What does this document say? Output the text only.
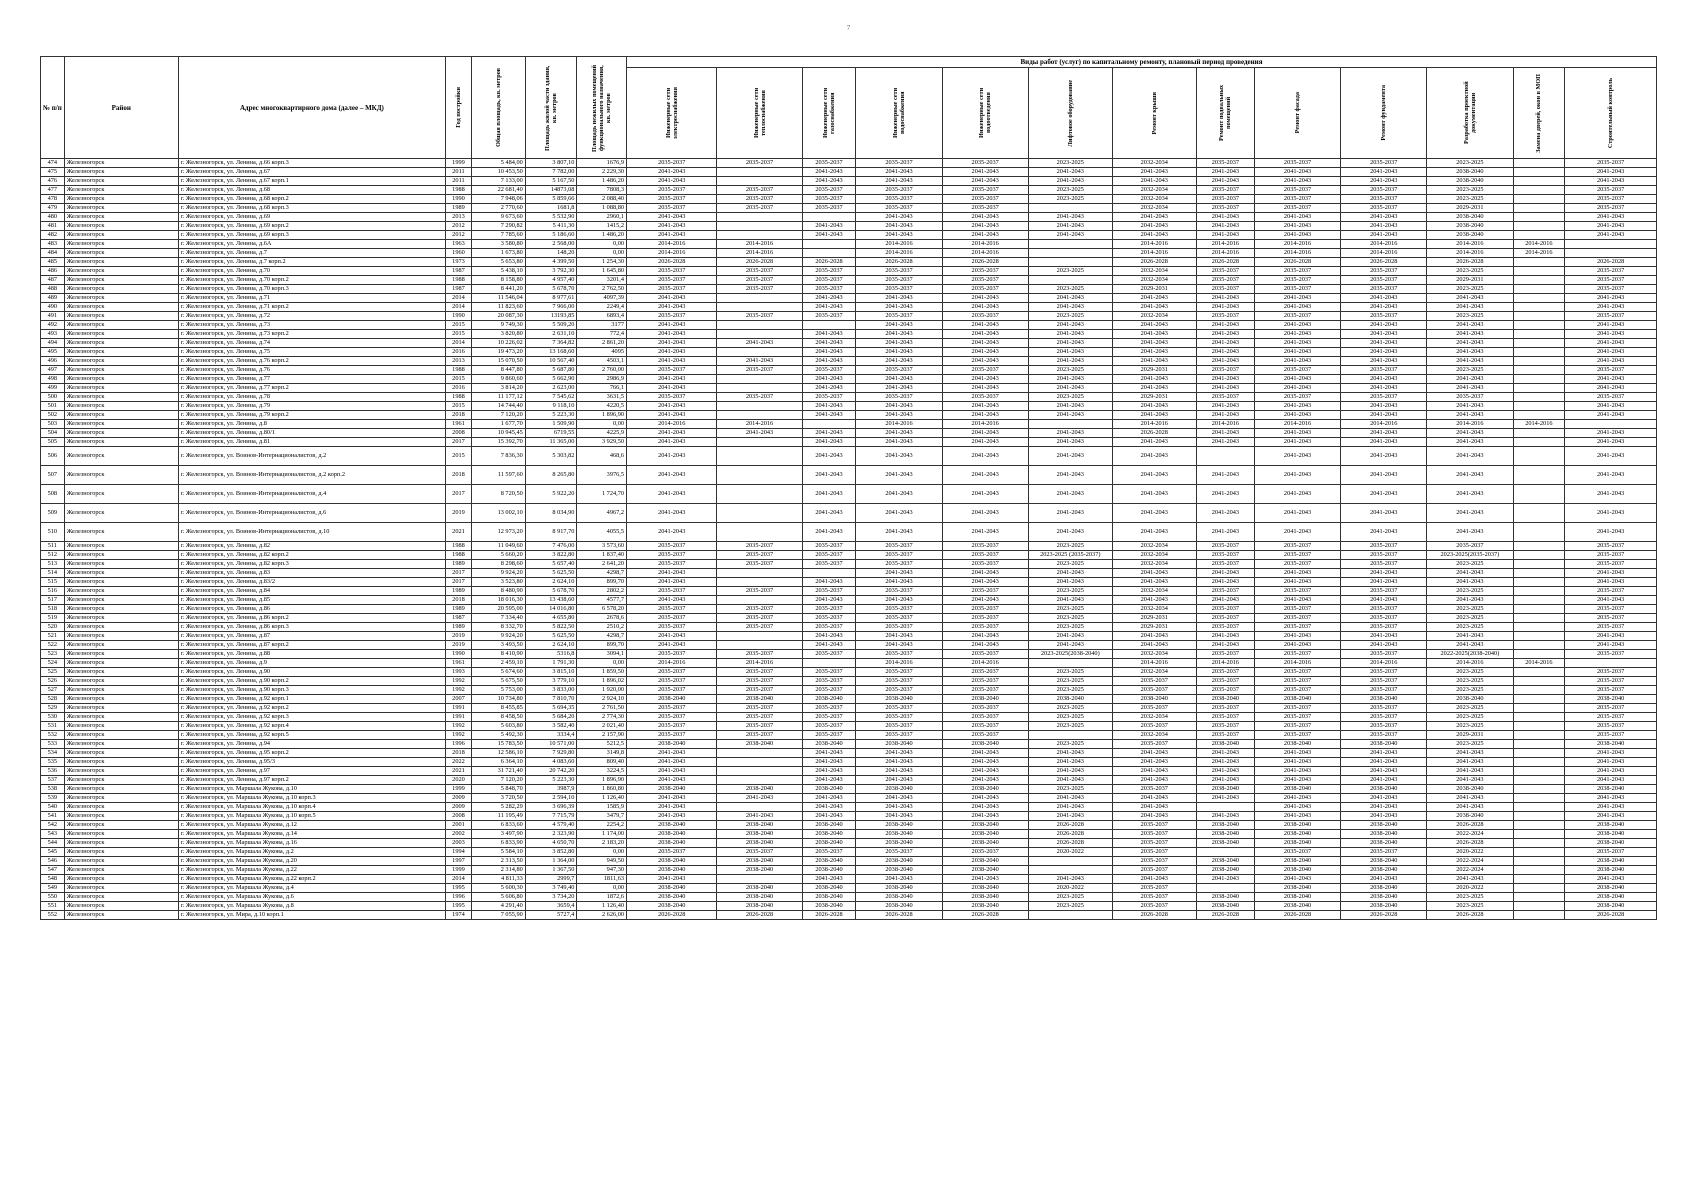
7
№ п/п	Район	Адрес многоквартирного дома (далее – МКД)	Год постройки	Общая площадь, кв. метров	Площадь жилой части здания, кв. метров	Площадь нежилых помещений функционального назначения, кв. метров	Виды работ (услуг) по капитальному ремонту, плановый период проведения												

							Инженерные сети электроснабжения	Инженерные сети теплоснабжения	Инженерные сети газоснабжения	Инженерные сети водоснабжения	Инженерные сети водоотведения	Лифтовое оборудование	Ремонт крыши	Ремонт подвальных помещений	Ремонт фасада	Ремонт фундамента	Разработка проектной документации	Замена дверей, окон в МОП	Строительный контроль

474	Железногорск	г. Железногорск, ул. Ленина, д.66 корп.3	1999	5 484,00	3 807,10	1676,9	2035-2037	2035-2037	2035-2037	2035-2037	2035-2037	2023-2025	2032-2034	2035-2037	2035-2037	2035-2037	2023-2025		2035-2037
475	Железногорск	г. Железногорск, ул. Ленина, д.67	2011	10 453,50	7 782,00	2 229,30	2041-2043		2041-2043	2041-2043	2041-2043	2041-2043	2041-2043	2041-2043	2041-2043	2041-2043	2038-2040		2041-2043
476	Железногорск	г. Железногорск, ул. Ленина, д.67 корп.1	2011	7 133,00	5 167,50	1 486,20	2041-2043		2041-2043	2041-2043	2041-2043	2041-2043	2041-2043	2041-2043	2041-2043	2041-2043	2038-2040		2041-2043
477	Железногорск	г. Железногорск, ул. Ленина, д.68	1988	22 681,40	14873,08	7808,3	2035-2037	2035-2037	2035-2037	2035-2037	2035-2037	2023-2025	2032-2034	2035-2037	2035-2037	2035-2037	2023-2025		2035-2037
478	Железногорск	г. Железногорск, ул. Ленина, д.68 корп.2	1990	7 948,06	5 859,66	2 088,40	2035-2037	2035-2037	2035-2037	2035-2037	2035-2037	2023-2025	2032-2034	2035-2037	2035-2037	2035-2037	2023-2025		2035-2037
479	Железногорск	г. Железногорск, ул. Ленина, д.68 корп.3	1989	2 770,60	1681,8	1 088,80	2035-2037	2035-2037	2035-2037	2035-2037	2035-2037		2032-2034	2035-2037	2035-2037	2035-2037	2029-2031		2035-2037
480	Железногорск	г. Железногорск, ул. Ленина, д.69	2013	9 673,60	5 532,90	2960,1	2041-2043			2041-2043	2041-2043	2041-2043	2041-2043	2041-2043	2041-2043	2041-2043	2038-2040		2041-2043
481	Железногорск	г. Железногорск, ул. Ленина, д.69 корп.2	2012	7 290,82	5 411,30	1415,2	2041-2043		2041-2043	2041-2043	2041-2043	2041-2043	2041-2043	2041-2043	2041-2043	2041-2043	2038-2040		2041-2043
482	Железногорск	г. Железногорск, ул. Ленина, д.69 корп.3	2012	7 785,60	5 186,60	1 486,20	2041-2043		2041-2043	2041-2043	2041-2043	2041-2043	2041-2043	2041-2043	2041-2043	2041-2043	2038-2040		2041-2043
483	Железногорск	г. Железногорск, ул. Ленина, д.6А	1963	3 580,80	2 568,00	0,00	2014-2016	2014-2016		2014-2016	2014-2016		2014-2016	2014-2016	2014-2016	2014-2016	2014-2016	2014-2016	
484	Железногорск	г. Железногорск, ул. Ленина, д.7	1960	1 673,80	148,20	0,00	2014-2016	2014-2016		2014-2016	2014-2016		2014-2016	2014-2016	2014-2016	2014-2016	2014-2016	2014-2016	
485	Железногорск	г. Железногорск, ул. Ленина, д.7 корп.2	1973	5 653,80	4 399,50	1 254,30	2026-2028	2026-2028	2026-2028	2026-2028	2026-2028		2026-2028	2026-2028	2026-2028	2026-2028	2026-2028		2026-2028
486	Железногорск	г. Железногорск, ул. Ленина, д.70	1987	5 438,10	3 792,30	1 645,80	2035-2037	2035-2037	2035-2037	2035-2037	2035-2037	2023-2025	2032-2034	2035-2037	2035-2037	2035-2037	2023-2025		2035-2037
487	Железногорск	г. Железногорск, ул. Ленина, д.70 корп.2	1988	8 158,80	4 957,40	3201,4	2035-2037	2035-2037	2035-2037	2035-2037	2035-2037		2032-2034	2035-2037	2035-2037	2035-2037	2029-2031		2035-2037
488	Железногорск	г. Железногорск, ул. Ленина, д.70 корп.3	1987	8 441,20	5 678,70	2 762,50	2035-2037	2035-2037	2035-2037	2035-2037	2035-2037	2023-2025	2029-2031	2035-2037	2035-2037	2035-2037	2023-2025		2035-2037
489	Железногорск	г. Железногорск, ул. Ленина, д.71	2014	11 546,04	8 977,61	4097,39	2041-2043		2041-2043	2041-2043	2041-2043	2041-2043	2041-2043	2041-2043	2041-2043	2041-2043	2041-2043		2041-2043
490	Железногорск	г. Железногорск, ул. Ленина, д.71 корп.2	2014	11 823,60	7 966,00	2249,4	2041-2043		2041-2043	2041-2043	2041-2043	2041-2043	2041-2043	2041-2043	2041-2043	2041-2043	2041-2043		2041-2043
491	Железногорск	г. Железногорск, ул. Ленина, д.72	1990	20 087,30	13193,85	6893,4	2035-2037	2035-2037	2035-2037	2035-2037	2035-2037	2023-2025	2032-2034	2035-2037	2035-2037	2035-2037	2023-2025		2035-2037
492	Железногорск	г. Железногорск, ул. Ленина, д.73	2015	9 749,30	5 509,20	3177	2041-2043			2041-2043	2041-2043	2041-2043	2041-2043	2041-2043	2041-2043	2041-2043	2041-2043		2041-2043
493	Железногорск	г. Железногорск, ул. Ленина, д.73 корп.2	2015	3 820,80	2 631,10	772,4	2041-2043		2041-2043	2041-2043	2041-2043	2041-2043	2041-2043	2041-2043	2041-2043	2041-2043	2041-2043		2041-2043
494	Железногорск	г. Железногорск, ул. Ленина, д.74	2014	10 226,02	7 364,82	2 861,20	2041-2043	2041-2043	2041-2043	2041-2043	2041-2043	2041-2043	2041-2043	2041-2043	2041-2043	2041-2043	2041-2043		2041-2043
495	Железногорск	г. Железногорск, ул. Ленина, д.75	2016	19 473,20	13 168,60	4095	2041-2043		2041-2043	2041-2043	2041-2043	2041-2043	2041-2043	2041-2043	2041-2043	2041-2043	2041-2043		2041-2043
496	Железногорск	г. Железногорск, ул. Ленина, д.76 корп.2	2013	15 070,50	10 567,40	4503,1	2041-2043	2041-2043	2041-2043	2041-2043	2041-2043	2041-2043	2041-2043	2041-2043	2041-2043	2041-2043	2041-2043		2041-2043
497	Железногорск	г. Железногорск, ул. Ленина, д.76	1988	8 447,80	5 687,80	2 760,00	2035-2037	2035-2037	2035-2037	2035-2037	2035-2037	2023-2025	2029-2031	2035-2037	2035-2037	2035-2037	2023-2025		2035-2037
498	Железногорск	г. Железногорск, ул. Ленина, д.77	2015	9 860,60	5 662,90	2986,9	2041-2043		2041-2043	2041-2043	2041-2043	2041-2043	2041-2043	2041-2043	2041-2043	2041-2043	2041-2043		2041-2043
499	Железногорск	г. Железногорск, ул. Ленина, д.77 корп.2	2016	3 814,20	2 623,00	766,1	2041-2043		2041-2043	2041-2043	2041-2043	2041-2043	2041-2043	2041-2043	2041-2043	2041-2043	2041-2043		2041-2043
500	Железногорск	г. Железногорск, ул. Ленина, д.78	1988	11 177,12	7 545,62	3631,5	2035-2037	2035-2037	2035-2037	2035-2037	2035-2037	2023-2025	2029-2031	2035-2037	2035-2037	2035-2037	2035-2037		2035-2037
501	Железногорск	г. Железногорск, ул. Ленина, д.79	2015	14 744,40	9 118,10	4220,5	2041-2043		2041-2043	2041-2043	2041-2043	2041-2043	2041-2043	2041-2043	2041-2043	2041-2043	2041-2043		2041-2043
502	Железногорск	г. Железногорск, ул. Ленина, д.79 корп.2	2018	7 120,20	5 223,30	1 896,90	2041-2043		2041-2043	2041-2043	2041-2043	2041-2043	2041-2043	2041-2043	2041-2043	2041-2043	2041-2043		2041-2043
503	Железногорск	г. Железногорск, ул. Ленина, д.8	1961	1 677,70	1 509,90	0,00	2014-2016	2014-2016		2014-2016	2014-2016		2014-2016	2014-2016	2014-2016	2014-2016	2014-2016	2014-2016	
504	Железногорск	г. Железногорск, ул. Ленина, д.80/1	2008	10 945,45	6719,55	4225,9	2041-2043	2041-2043	2041-2043	2041-2043	2041-2043	2041-2043	2026-2028	2041-2043	2041-2043	2041-2043	2041-2043		2041-2043
505	Железногорск	г. Железногорск, ул. Ленина, д.81	2017	15 392,70	11 365,00	3 929,50	2041-2043		2041-2043	2041-2043	2041-2043	2041-2043	2041-2043	2041-2043	2041-2043	2041-2043	2041-2043		2041-2043
506	Железногорск	г. Железногорск, ул. Воинов-Интернационалистов, д.2	2015	7 836,30	5 303,82	468,6	2041-2043		2041-2043	2041-2043	2041-2043	2041-2043	2041-2043		2041-2043	2041-2043	2041-2043		2041-2043
507	Железногорск	г. Железногорск, ул. Воинов-Интернационалистов, д.2 корп.2	2018	11 597,60	8 265,80	3976,5	2041-2043		2041-2043	2041-2043	2041-2043	2041-2043	2041-2043	2041-2043	2041-2043	2041-2043	2041-2043		2041-2043
508	Железногорск	г. Железногорск, ул. Воинов-Интернационалистов, д.4	2017	8 720,50	5 922,20	1 724,70	2041-2043		2041-2043	2041-2043	2041-2043	2041-2043	2041-2043	2041-2043	2041-2043	2041-2043	2041-2043		2041-2043
509	Железногорск	г. Железногорск, ул. Воинов-Интернационалистов, д.6	2019	13 002,10	8 034,90	4967,2	2041-2043		2041-2043	2041-2043	2041-2043	2041-2043	2041-2043	2041-2043	2041-2043	2041-2043	2041-2043		2041-2043
510	Железногорск	г. Железногорск, ул. Воинов-Интернационалистов, д.10	2021	12 973,20	8 917,70	4055,5	2041-2043		2041-2043	2041-2043	2041-2043	2041-2043	2041-2043	2041-2043	2041-2043	2041-2043	2041-2043		2041-2043
511	Железногорск	г. Железногорск, ул. Ленина, д.82	1988	11 049,60	7 476,00	3 573,60	2035-2037	2035-2037	2035-2037	2035-2037	2035-2037	2023-2025	2032-2034	2035-2037	2035-2037	2035-2037	2035-2037		2035-2037
512	Железногорск	г. Железногорск, ул. Ленина, д.82 корп.2	1988	5 660,20	3 822,80	1 837,40	2035-2037	2035-2037	2035-2037	2035-2037	2035-2037	2023-2025 (2035-2037)	2032-2034	2035-2037	2035-2037	2035-2037	2023-2025(2035-2037)		2035-2037
513	Железногорск	г. Железногорск, ул. Ленина, д.82 корп.3	1989	8 298,60	5 657,40	2 641,20	2035-2037	2035-2037	2035-2037	2035-2037	2035-2037	2023-2025	2032-2034	2035-2037	2035-2037	2035-2037	2023-2025		2035-2037
514	Железногорск	г. Железногорск, ул. Ленина, д.83	2017	9 924,20	5 625,50	4298,7	2041-2043			2041-2043	2041-2043	2041-2043	2041-2043	2041-2043	2041-2043	2041-2043	2041-2043		2041-2043
515	Железногорск	г. Железногорск, ул. Ленина, д.83/2	2017	3 523,80	2 624,10	899,70	2041-2043		2041-2043	2041-2043	2041-2043	2041-2043	2041-2043	2041-2043	2041-2043	2041-2043	2041-2043		2041-2043
516	Железногорск	г. Железногорск, ул. Ленина, д.84	1989	8 480,90	5 678,70	2802,2	2035-2037	2035-2037	2035-2037	2035-2037	2035-2037	2023-2025	2032-2034	2035-2037	2035-2037	2035-2037	2023-2025		2035-2037
517	Железногорск	г. Железногорск, ул. Ленина, д.85	2018	18 016,30	13 438,60	4577,7	2041-2043		2041-2043	2041-2043	2041-2043	2041-2043	2041-2043	2041-2043	2041-2043	2041-2043	2041-2043		2041-2043
518	Железногорск	г. Железногорск, ул. Ленина, д.86	1989	20 595,00	14 016,80	6 578,20	2035-2037	2035-2037	2035-2037	2035-2037	2035-2037	2023-2025	2032-2034	2035-2037	2035-2037	2035-2037	2023-2025		2035-2037
519	Железногорск	г. Железногорск, ул. Ленина, д.86 корп.2	1987	7 334,40	4 655,80	2678,6	2035-2037	2035-2037	2035-2037	2035-2037	2035-2037	2023-2025	2029-2031	2035-2037	2035-2037	2035-2037	2023-2025		2035-2037
520	Железногорск	г. Железногорск, ул. Ленина, д.86 корп.3	1989	8 332,70	5 822,50	2510,2	2035-2037	2035-2037	2035-2037	2035-2037	2035-2037	2023-2025	2029-2031	2035-2037	2035-2037	2035-2037	2023-2025		2035-2037
521	Железногорск	г. Железногорск, ул. Ленина, д.87	2019	9 924,20	5 625,50	4298,7	2041-2043		2041-2043	2041-2043	2041-2043	2041-2043	2041-2043	2041-2043	2041-2043	2041-2043	2041-2043		2041-2043
522	Железногорск	г. Железногорск, ул. Ленина, д.87 корп.2	2019	3 493,50	2 624,10	899,70	2041-2043		2041-2043	2041-2043	2041-2043	2041-2043	2041-2043	2041-2043	2041-2043	2041-2043	2041-2043		2041-2043
523	Железногорск	г. Железногорск, ул. Ленина, д.88	1990	8 410,90	5316,8	3094,1	2035-2037	2035-2037	2035-2037	2035-2037	2035-2037	2023-2025(2038-2040)	2032-2034	2035-2037	2035-2037	2035-2037	2022-2025(2038-2040)		2035-2037
524	Железногорск	г. Железногорск, ул. Ленина, д.9	1961	2 459,10	1 791,30	0,00	2014-2016	2014-2016		2014-2016	2014-2016		2014-2016	2014-2016	2014-2016	2014-2016	2014-2016	2014-2016	
525	Железногорск	г. Железногорск, ул. Ленина, д.90	1993	5 674,60	3 815,10	1 859,50	2035-2037	2035-2037	2035-2037	2035-2037	2035-2037	2023-2025	2032-2034	2035-2037	2035-2037	2035-2037	2023-2025		2035-2037
526	Железногорск	г. Железногорск, ул. Ленина, д.90 корп.2	1992	5 675,50	3 779,10	1 896,02	2035-2037	2035-2037	2035-2037	2035-2037	2035-2037	2023-2025	2035-2037	2035-2037	2035-2037	2035-2037	2023-2025		2035-2037
527	Железногорск	г. Железногорск, ул. Ленина, д.90 корп.3	1992	5 753,00	3 833,00	1 920,00	2035-2037	2035-2037	2035-2037	2035-2037	2035-2037	2023-2025	2035-2037	2035-2037	2035-2037	2035-2037	2023-2025		2035-2037
528	Железногорск	г. Железногорск, ул. Ленина, д.92 корп.1	2007	10 734,80	7 810,70	2 924,10	2038-2040	2038-2040	2038-2040	2038-2040	2038-2040	2038-2040	2038-2040	2038-2040	2038-2040	2038-2040	2038-2040		2038-2040
529	Железногорск	г. Железногорск, ул. Ленина, д.92 корп.2	1991	8 455,85	5 694,35	2 761,50	2035-2037	2035-2037	2035-2037	2035-2037	2035-2037	2023-2025	2035-2037	2035-2037	2035-2037	2035-2037	2023-2025		2035-2037
530	Железногорск	г. Железногорск, ул. Ленина, д.92 корп.3	1991	8 458,50	5 684,20	2 774,30	2035-2037	2035-2037	2035-2037	2035-2037	2035-2037	2023-2025	2032-2034	2035-2037	2035-2037	2035-2037	2023-2025		2035-2037
531	Железногорск	г. Железногорск, ул. Ленина, д.92 корп.4	1992	5 603,80	3 582,40	2 021,40	2035-2037	2035-2037	2035-2037	2035-2037	2035-2037	2023-2025	2035-2037	2035-2037	2035-2037	2035-2037	2023-2025		2035-2037
532	Железногорск	г. Железногорск, ул. Ленина, д.92 корп.5	1992	5 492,30	3334,4	2 157,90	2035-2037	2035-2037	2035-2037	2035-2037	2035-2037		2032-2034	2035-2037	2035-2037	2035-2037	2029-2031		2035-2037
533	Железногорск	г. Железногорск, ул. Ленина, д.94	1996	15 783,50	10 571,00	5212,5	2038-2040	2038-2040	2038-2040	2038-2040	2038-2040	2023-2025	2035-2037	2038-2040	2038-2040	2038-2040	2023-2025		2038-2040
534	Железногорск	г. Железногорск, ул. Ленина, д.95 корп.2	2018	12 586,10	7 929,80	3149,8	2041-2043		2041-2043	2041-2043	2041-2043	2041-2043	2041-2043	2041-2043	2041-2043	2041-2043	2041-2043		2041-2043
535	Железногорск	г. Железногорск, ул. Ленина, д.95/3	2022	6 364,10	4 083,60	809,40	2041-2043		2041-2043	2041-2043	2041-2043	2041-2043	2041-2043	2041-2043	2041-2043	2041-2043	2041-2043		2041-2043
536	Железногорск	г. Железногорск, ул. Ленина, д.97	2021	31 721,40	20 742,20	3224,5	2041-2043		2041-2043	2041-2043	2041-2043	2041-2043	2041-2043	2041-2043	2041-2043	2041-2043	2041-2043		2041-2043
537	Железногорск	г. Железногорск, ул. Ленина, д.97 корп.2	2020	7 120,20	5 223,30	1 896,90	2041-2043		2041-2043	2041-2043	2041-2043	2041-2043	2041-2043	2041-2043	2041-2043	2041-2043	2041-2043		2041-2043
538	Железногорск	г. Железногорск, ул. Маршала Жукова, д.10	1999	5 848,70	3987,9	1 860,80	2038-2040	2038-2040	2038-2040	2038-2040	2038-2040	2023-2025	2035-2037	2038-2040	2038-2040	2038-2040	2038-2040		2038-2040
539	Железногорск	г. Железногорск, ул. Маршала Жукова, д.10 корп.3	2009	3 720,50	2 594,10	1 126,40	2041-2043	2041-2043	2041-2043	2041-2043	2041-2043	2041-2043	2041-2043	2041-2043	2041-2043	2041-2043	2041-2043		2041-2043
540	Железногорск	г. Железногорск, ул. Маршала Жукова, д.10 корп.4	2009	5 282,29	3 696,39	1585,9	2041-2043		2041-2043	2041-2043	2041-2043	2041-2043	2041-2043		2041-2043	2041-2043	2041-2043		2041-2043
541	Железногорск	г. Железногорск, ул. Маршала Жукова, д.10 корп.5	2008	11 195,49	7 715,79	3479,7	2041-2043	2041-2043	2041-2043	2041-2043	2041-2043	2041-2043	2041-2043	2041-2043	2041-2043	2041-2043	2038-2040		2041-2043
542	Железногорск	г. Железногорск, ул. Маршала Жукова, д.12	2001	6 833,60	4 579,40	2254,2	2038-2040	2038-2040	2038-2040	2038-2040	2038-2040	2026-2028	2035-2037	2038-2040	2038-2040	2038-2040	2026-2028		2038-2040
543	Железногорск	г. Железногорск, ул. Маршала Жукова, д.14	2002	3 497,90	2 323,90	1 174,00	2038-2040	2038-2040	2038-2040	2038-2040	2038-2040	2026-2028	2035-2037	2038-2040	2038-2040	2038-2040	2022-2024		2038-2040
544	Железногорск	г. Железногорск, ул. Маршала Жукова, д.16	2003	6 833,90	4 650,70	2 183,20	2038-2040	2038-2040	2038-2040	2038-2040	2038-2040	2026-2028	2035-2037	2038-2040	2038-2040	2038-2040	2026-2028		2038-2040
545	Железногорск	г. Железногорск, ул. Маршала Жукова, д.2	1994	5 584,10	3 852,80	0,00	2035-2037	2035-2037	2035-2037	2035-2037	2035-2037	2020-2022	2035-2037		2035-2037	2035-2037	2020-2022		2035-2037
546	Железногорск	г. Железногорск, ул. Маршала Жукова, д.20	1997	2 313,50	1 364,00	949,50	2038-2040	2038-2040	2038-2040	2038-2040	2038-2040		2035-2037	2038-2040	2038-2040	2038-2040	2022-2024		2038-2040
547	Железногорск	г. Железногорск, ул. Маршала Жукова, д.22	1999	2 314,80	1 367,50	947,30	2038-2040	2038-2040	2038-2040	2038-2040	2038-2040		2035-2037	2038-2040	2038-2040	2038-2040	2022-2024		2038-2040
548	Железногорск	г. Железногорск, ул. Маршала Жукова, д.22 корп.2	2014	4 811,33	2999,7	1811,63	2041-2043		2041-2043	2041-2043	2041-2043	2041-2043	2041-2043	2041-2043	2041-2043	2041-2043	2041-2043		2041-2043
549	Железногорск	г. Железногорск, ул. Маршала Жукова, д.4	1995	5 600,30	3 749,40	0,00	2038-2040	2038-2040	2038-2040	2038-2040	2038-2040	2020-2022	2035-2037		2038-2040	2038-2040	2020-2022		2038-2040
550	Железногорск	г. Железногорск, ул. Маршала Жукова, д.6	1996	5 606,80	3 734,20	1872,6	2038-2040	2038-2040	2038-2040	2038-2040	2038-2040	2023-2025	2035-2037	2038-2040	2038-2040	2038-2040	2023-2025		2038-2040
551	Железногорск	г. Железногорск, ул. Маршала Жукова, д.8	1995	4 291,40	3659,4	1 126,40	2038-2040	2038-2040	2038-2040	2038-2040	2038-2040	2023-2025	2035-2037	2038-2040	2038-2040	2038-2040	2023-2025		2038-2040
552	Железногорск	г. Железногорск, ул. Мира, д.10 корп.1	1974	7 055,90	5727,4	2 626,00	2026-2028	2026-2028	2026-2028	2026-2028	2026-2028		2026-2028	2026-2028	2026-2028	2026-2028	2026-2028		2026-2028
